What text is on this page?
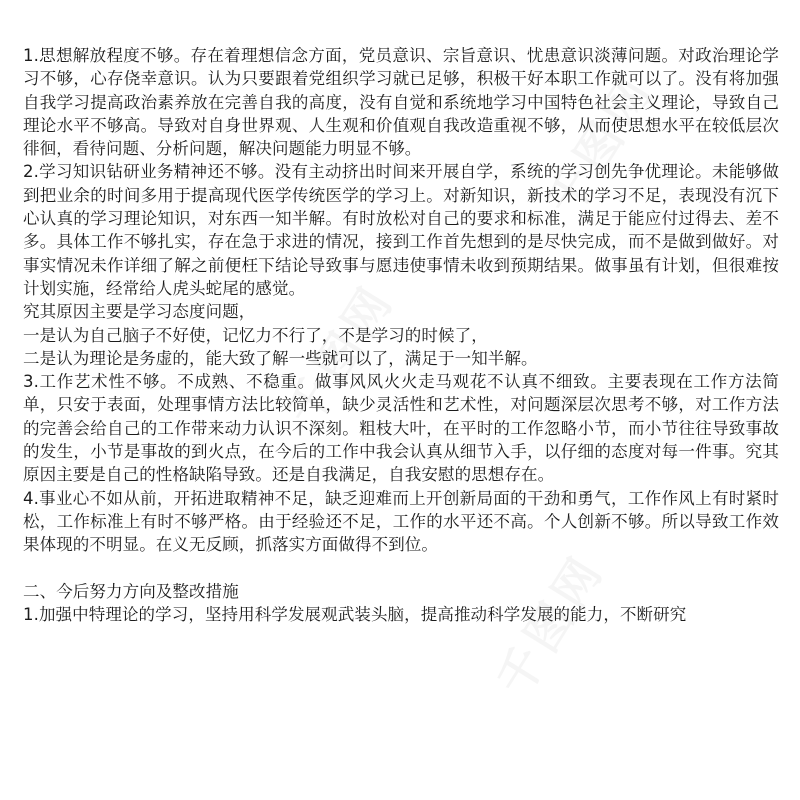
千图网
千图网
千图网

1.思想解放程度不够。存在着理想信念方面，党员意识、宗旨意识、忧患意识淡薄问题。对政治理论学习不够，心存侥幸意识。认为只要跟着党组织学习就已足够，积极干好本职工作就可以了。没有将加强自我学习提高政治素养放在完善自我的高度，没有自觉和系统地学习中国特色社会主义理论，导致自己理论水平不够高。导致对自身世界观、人生观和价值观自我改造重视不够，从而使思想水平在较低层次徘徊，看待问题、分析问题，解决问题能力明显不够。

2.学习知识钻研业务精神还不够。没有主动挤出时间来开展自学，系统的学习创先争优理论。未能够做到把业余的时间多用于提高现代医学传统医学的学习上。对新知识，新技术的学习不足，表现没有沉下心认真的学习理论知识，对东西一知半解。有时放松对自己的要求和标准，满足于能应付过得去、差不多。具体工作不够扎实，存在急于求进的情况，接到工作首先想到的是尽快完成，而不是做到做好。对事实情况未作详细了解之前便枉下结论导致事与愿违使事情未收到预期结果。做事虽有计划，但很难按计划实施，经常给人虎头蛇尾的感觉。

究其原因主要是学习态度问题，

一是认为自己脑子不好使，记忆力不行了，不是学习的时候了，

二是认为理论是务虚的，能大致了解一些就可以了，满足于一知半解。

3.工作艺术性不够。不成熟、不稳重。做事风风火火走马观花不认真不细致。主要表现在工作方法简单，只安于表面，处理事情方法比较简单，缺少灵活性和艺术性，对问题深层次思考不够，对工作方法的完善会给自己的工作带来动力认识不深刻。粗枝大叶，在平时的工作忽略小节，而小节往往导致事故的发生，小节是事故的到火点，在今后的工作中我会认真从细节入手，以仔细的态度对每一件事。究其原因主要是自己的性格缺陷导致。还是自我满足，自我安慰的思想存在。

4.事业心不如从前，开拓进取精神不足，缺乏迎难而上开创新局面的干劲和勇气，工作作风上有时紧时松，工作标准上有时不够严格。由于经验还不足，工作的水平还不高。个人创新不够。所以导致工作效果体现的不明显。在义无反顾，抓落实方面做得不到位。

二、今后努力方向及整改措施

1.加强中特理论的学习，坚持用科学发展观武装头脑，提高推动科学发展的能力，不断研究
